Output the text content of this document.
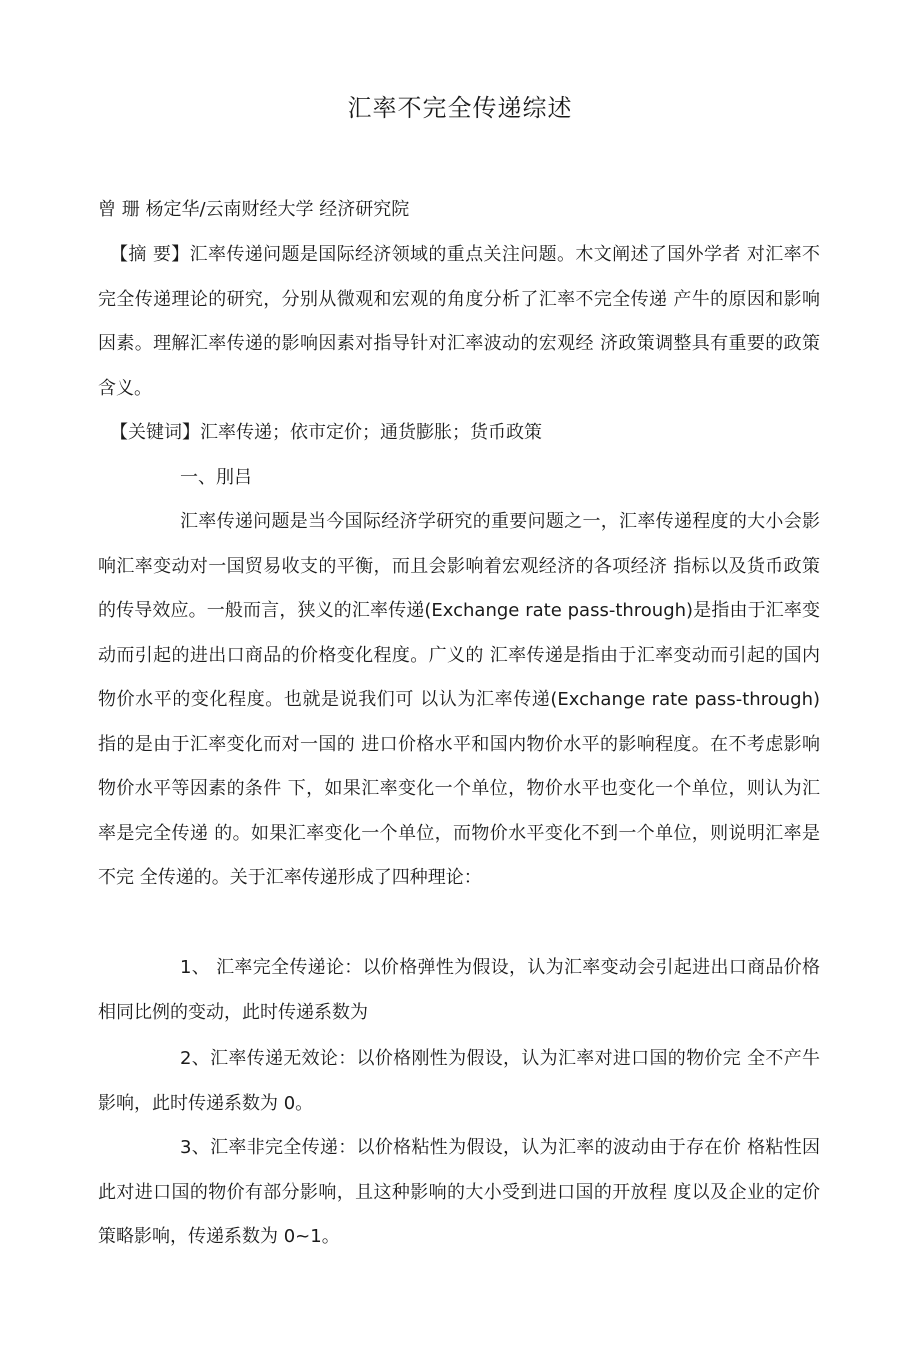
汇率不完全传递综述

曾 珊 杨定华/云南财经大学 经济研究院

【摘 要】汇率传递问题是国际经济领域的重点关注问题。木文阐述了国外学者 对汇率不完全传递理论的研究，分别从微观和宏观的角度分析了汇率不完全传递 产牛的原因和影响因素。理解汇率传递的影响因素对指导针对汇率波动的宏观经 济政策调整具有重要的政策含义。

【关键词】汇率传递；依市定价；通货膨胀；货币政策

一、刖吕

汇率传递问题是当今国际经济学研究的重要问题之一，汇率传递程度的大小会影响汇率变动对一国贸易收支的平衡，而且会影响着宏观经济的各项经济 指标以及货币政策的传导效应。一般而言，狭义的汇率传递(Exchange rate pass-through)是指由于汇率变动而引起的进出口商品的价格变化程度。广义的 汇率传递是指由于汇率变动而引起的国内物价水平的变化程度。也就是说我们可 以认为汇率传递(Exchange rate pass-through)指的是由于汇率变化而对一国的 进口价格水平和国内物价水平的影响程度。在不考虑影响物价水平等因素的条件 下，如果汇率变化一个单位，物价水平也变化一个单位，则认为汇率是完全传递 的。如果汇率变化一个单位，而物价水平变化不到一个单位，则说明汇率是不完 全传递的。关于汇率传递形成了四种理论：

1、 汇率完全传递论：以价格弹性为假设，认为汇率变动会引起进出口商品价格相同比例的变动，此时传递系数为

2、汇率传递无效论：以价格刚性为假设，认为汇率对进口国的物价完 全不产牛影响，此时传递系数为 0。

3、汇率非完全传递：以价格粘性为假设，认为汇率的波动由于存在价 格粘性因此对进口国的物价有部分影响，且这种影响的大小受到进口国的开放程 度以及企业的定价策略影响，传递系数为 0~1。
